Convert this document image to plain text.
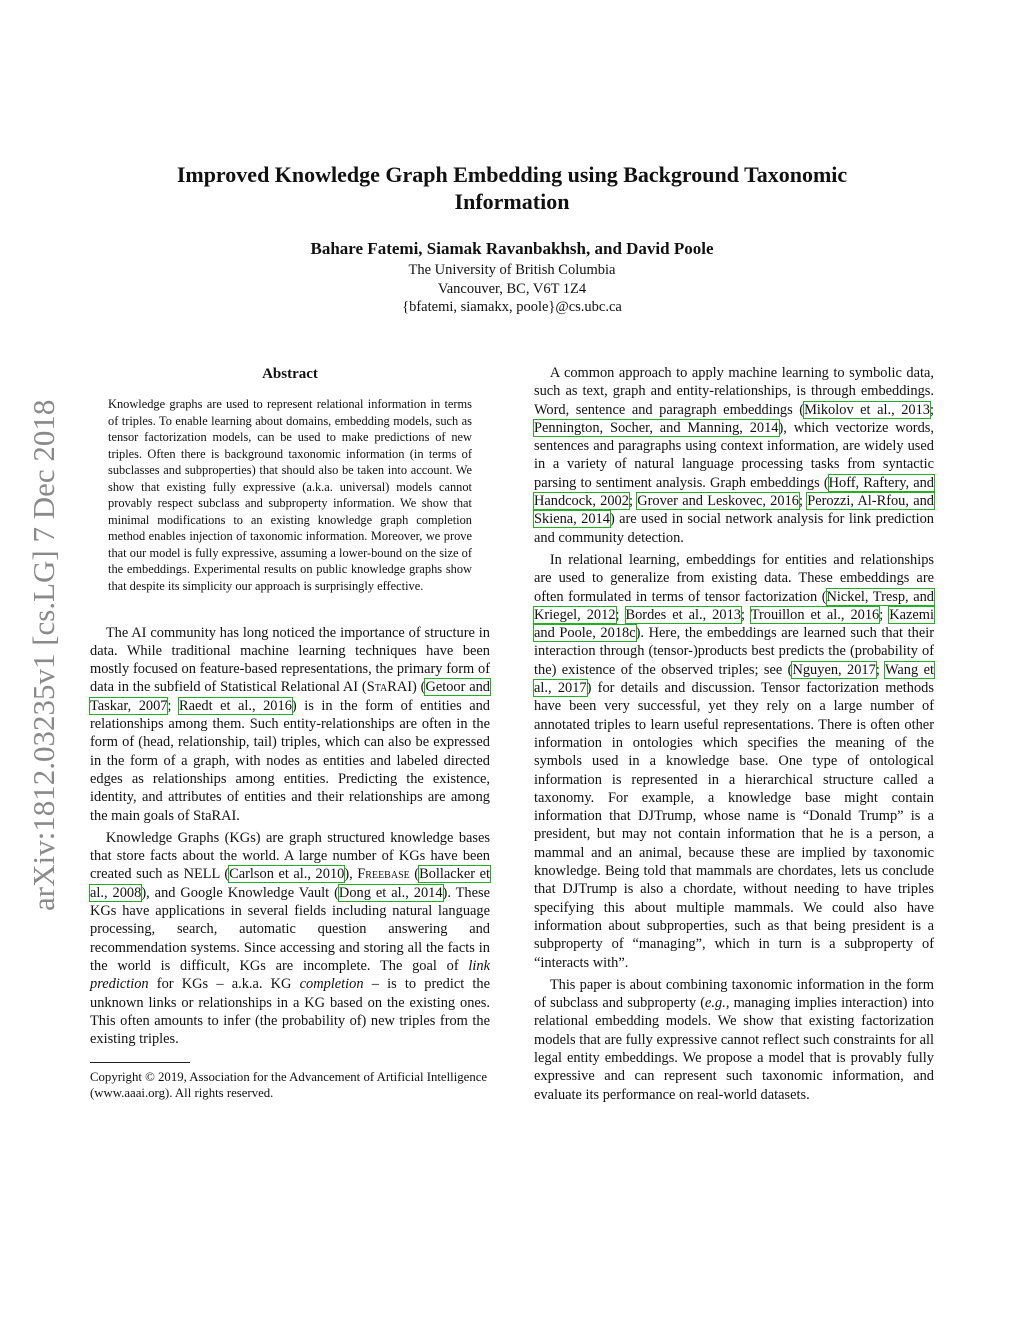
arXiv:1812.03235v1 [cs.LG] 7 Dec 2018
Improved Knowledge Graph Embedding using Background Taxonomic
Information
Bahare Fatemi, Siamak Ravanbakhsh, and David Poole
The University of British Columbia
Vancouver, BC, V6T 1Z4
{bfatemi, siamakx, poole}@cs.ubc.ca
Abstract
Knowledge graphs are used to represent relational information in terms of triples. To enable learning about domains, embedding models, such as tensor factorization models, can be used to make predictions of new triples. Often there is background taxonomic information (in terms of subclasses and subproperties) that should also be taken into account. We show that existing fully expressive (a.k.a. universal) models cannot provably respect subclass and subproperty information. We show that minimal modifications to an existing knowledge graph completion method enables injection of taxonomic information. Moreover, we prove that our model is fully expressive, assuming a lower-bound on the size of the embeddings. Experimental results on public knowledge graphs show that despite its simplicity our approach is surprisingly effective.

The AI community has long noticed the importance of structure in data. While traditional machine learning techniques have been mostly focused on feature-based representations, the primary form of data in the subfield of Statistical Relational AI (StaRAI) (Getoor and Taskar, 2007; Raedt et al., 2016) is in the form of entities and relationships among them. Such entity-relationships are often in the form of (head, relationship, tail) triples, which can also be expressed in the form of a graph, with nodes as entities and labeled directed edges as relationships among entities. Predicting the existence, identity, and attributes of entities and their relationships are among the main goals of StaRAI.

Knowledge Graphs (KGs) are graph structured knowledge bases that store facts about the world. A large number of KGs have been created such as NELL (Carlson et al., 2010), Freebase (Bollacker et al., 2008), and Google Knowledge Vault (Dong et al., 2014). These KGs have applications in several fields including natural language processing, search, automatic question answering and recommendation systems. Since accessing and storing all the facts in the world is difficult, KGs are incomplete. The goal of link prediction for KGs – a.k.a. KG completion – is to predict the unknown links or relationships in a KG based on the existing ones. This often amounts to infer (the probability of) new triples from the existing triples.

Copyright © 2019, Association for the Advancement of Artificial Intelligence (www.aaai.org). All rights reserved.

A common approach to apply machine learning to symbolic data, such as text, graph and entity-relationships, is through embeddings. Word, sentence and paragraph embeddings (Mikolov et al., 2013; Pennington, Socher, and Manning, 2014), which vectorize words, sentences and paragraphs using context information, are widely used in a variety of natural language processing tasks from syntactic parsing to sentiment analysis. Graph embeddings (Hoff, Raftery, and Handcock, 2002; Grover and Leskovec, 2016; Perozzi, Al-Rfou, and Skiena, 2014) are used in social network analysis for link prediction and community detection.

In relational learning, embeddings for entities and relationships are used to generalize from existing data. These embeddings are often formulated in terms of tensor factorization (Nickel, Tresp, and Kriegel, 2012; Bordes et al., 2013; Trouillon et al., 2016; Kazemi and Poole, 2018c). Here, the embeddings are learned such that their interaction through (tensor-)products best predicts the (probability of the) existence of the observed triples; see (Nguyen, 2017; Wang et al., 2017) for details and discussion. Tensor factorization methods have been very successful, yet they rely on a large number of annotated triples to learn useful representations. There is often other information in ontologies which specifies the meaning of the symbols used in a knowledge base. One type of ontological information is represented in a hierarchical structure called a taxonomy. For example, a knowledge base might contain information that DJTrump, whose name is “Donald Trump” is a president, but may not contain information that he is a person, a mammal and an animal, because these are implied by taxonomic knowledge. Being told that mammals are chordates, lets us conclude that DJTrump is also a chordate, without needing to have triples specifying this about multiple mammals. We could also have information about subproperties, such as that being president is a subproperty of “managing”, which in turn is a subproperty of “interacts with”.

This paper is about combining taxonomic information in the form of subclass and subproperty (e.g., managing implies interaction) into relational embedding models. We show that existing factorization models that are fully expressive cannot reflect such constraints for all legal entity embeddings. We propose a model that is provably fully expressive and can represent such taxonomic information, and evaluate its performance on real-world datasets.
